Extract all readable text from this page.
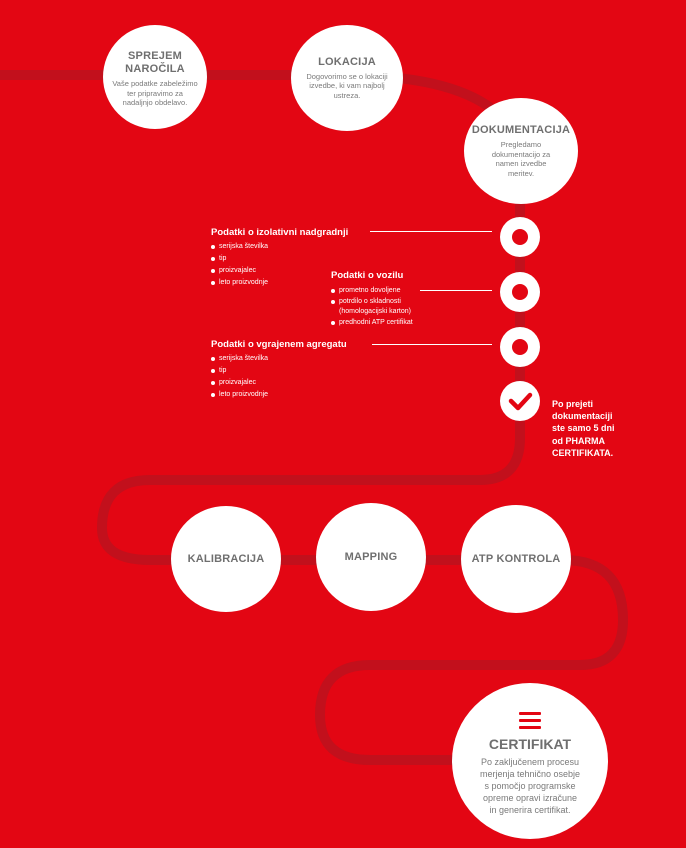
SPREJEM
NAROČILA
Vaše podatke zabeležimo
ter pripravimo za
nadaljnjo obdelavo.
LOKACIJA
Dogovorimo se o lokaciji
izvedbe, ki vam najbolj
ustreza.
DOKUMENTACIJA
Pregledamo
dokumentacijo za
namen izvedbe
meritev.
Podatki o izolativni nadgradnji
serijska številka
tip
proizvajalec
leto proizvodnje
Podatki o vozilu
prometno dovoljene
potrdilo o skladnosti
(homologacijski karton)
predhodni ATP certifikat
Podatki o vgrajenem agregatu
serijska številka
tip
proizvajalec
leto proizvodnje
Po prejeti
dokumentaciji
ste samo 5 dni
od PHARMA
CERTIFIKATA.
KALIBRACIJA	MAPPING	ATP KONTROLA
CERTIFIKAT
Po zaključenem procesu
merjenja tehnično osebje
s pomočjo programske
opreme opravi izračune
in generira certifikat.
